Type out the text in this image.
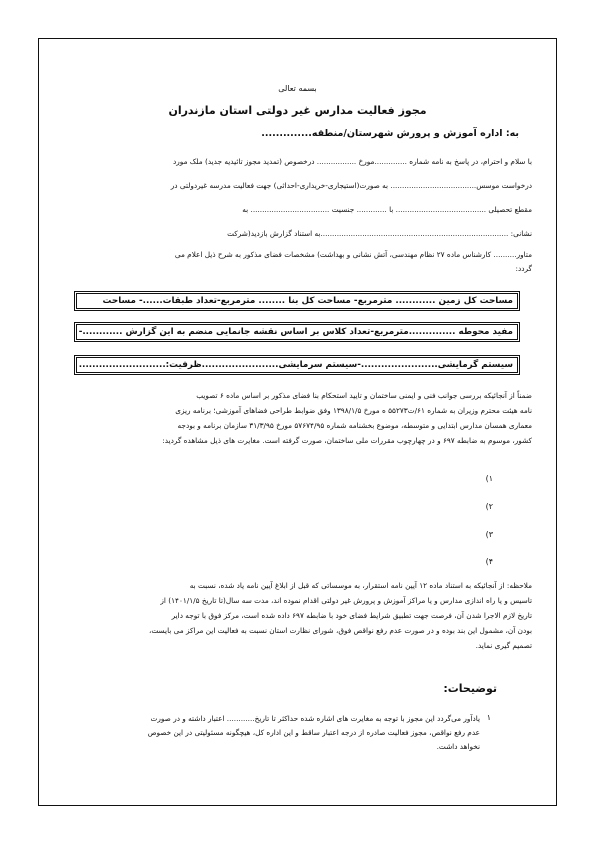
بسمه تعالی
مجوز فعالیت مدارس غیر دولتی استان مازندران
به: اداره آموزش و پرورش شهرستان/منطقه..............

با سلام و احترام، در پاسخ به نامه شماره ..............مورخ ................. درخصوص (تمدید مجوز تائیدیه جدید) ملک مورد

درخواست موسس..................................... به صورت(استیجاری-خریداری-احداثی) جهت فعالیت مدرسه غیردولتی در

مقطع تحصیلی ....................................... با ............. جنسیت .................................. به

نشانی: .................................................................................به استناد گزارش بازدید(شرکت

متاور.......... کارشناس ماده ۲۷ نظام مهندسی، آتش نشانی و بهداشت) مشخصات فضای مذکور به شرح ذیل اعلام می

گردد:

مساحت کل زمین ............ مترمربع- مساحت کل بنا ........ مترمربع-تعداد طبقات......- مساحت
مفید محوطه ..............مترمربع-تعداد کلاس بر اساس نقشه جانمایی منضم به این گزارش ............-
سیستم گرمایشی.......................-سیستم سرمایشی.......................ظرفیت:..........................

ضمناً از آنجائیکه بررسی جوانب فنی و ایمنی ساختمان و تایید استحکام بنا فضای مذکور بر اساس ماده ۶ تصویب

نامه هیئت محترم وزیران به شماره ۶۱/ت۵۵۲۷۳ ه مورخ ۱۳۹۸/۱/۵ وفق ضوابط طراحی فضاهای آموزشی؛ برنامه ریزی

معماری همسان مدارس ابتدایی و متوسطه، موضوع بخشنامه شماره ۵۷۶۷۴/۹۵ مورخ ۳۱/۳/۹۵ سازمان برنامه و بودجه

کشور، موسوم به ضابطه ۶۹۷ و در چهارچوب مقررات ملی ساختمان، صورت گرفته است. مغایرت های ذیل مشاهده گردید:

۱)
۲)
۳)
۴)

ملاحظه: از آنجائیکه به استناد ماده ۱۲ آیین نامه استقرار، به موسساتی که قبل از ابلاغ آیین نامه یاد شده، نسبت به

تاسیس و یا راه اندازی مدارس و یا مراکز آموزش و پرورش غیر دولتی اقدام نموده اند، مدت سه سال(تا تاریخ ۱۴۰۱/۱/۵) از

تاریخ لازم الاجرا شدن آن، فرصت جهت تطبیق شرایط فضای خود با ضابطه ۶۹۷ داده شده است، مرکز فوق با توجه دایر

بودن آن، مشمول این بند بوده و در صورت عدم رفع نواقص فوق، شورای نظارت استان نسبت به فعالیت این مراکز می بایست،

تصمیم گیری نماید.

توضیحات:
۱

یادآور می‌گردد این مجوز با توجه به مغایرت های اشاره شده حداکثر تا تاریخ............ اعتبار داشته و در صورت

عدم رفع نواقص، مجوز فعالیت صادره از درجه اعتبار ساقط و این اداره کل، هیچگونه مسئولیتی در این خصوص

نخواهد داشت.
